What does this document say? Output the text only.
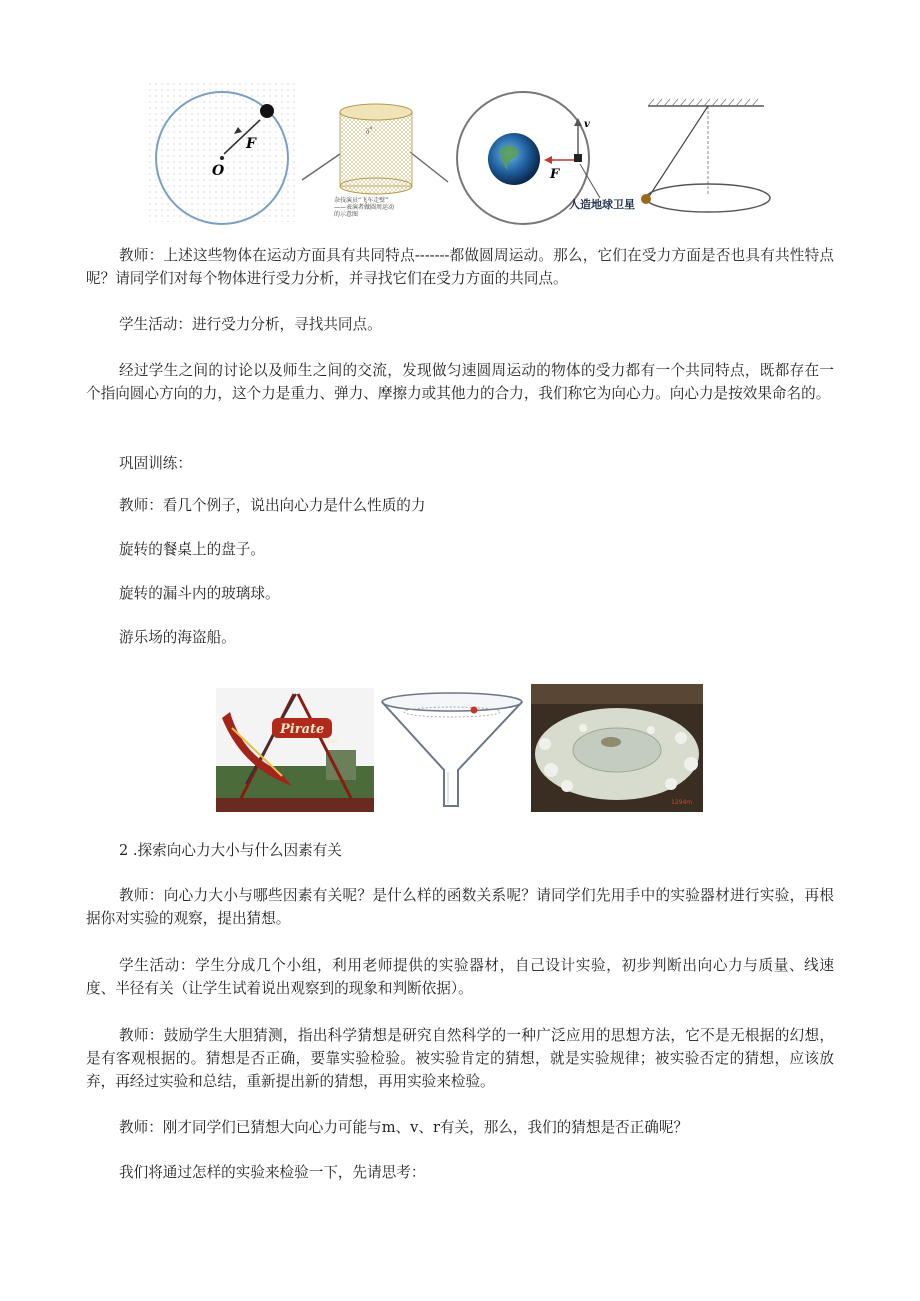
F
O
ᵹ°
杂技演员“飞车走壁”
——表演者做圆周运动
的示意图
v
F
人造地球卫星

教师：上述这些物体在运动方面具有共同特点-------都做圆周运动。那么，它们在受力方面是否也具有共性特点呢？请同学们对每个物体进行受力分析，并寻找它们在受力方面的共同点。

学生活动：进行受力分析，寻找共同点。

经过学生之间的讨论以及师生之间的交流，发现做匀速圆周运动的物体的受力都有一个共同特点，既都存在一个指向圆心方向的力，这个力是重力、弹力、摩擦力或其他力的合力，我们称它为向心力。向心力是按效果命名的。

巩固训练：

教师：看几个例子，说出向心力是什么性质的力

旋转的餐桌上的盘子。

旋转的漏斗内的玻璃球。

游乐场的海盗船。

Pirate
Ship
1294m

2 .探索向心力大小与什么因素有关

教师：向心力大小与哪些因素有关呢？是什么样的函数关系呢？请同学们先用手中的实验器材进行实验，再根据你对实验的观察，提出猜想。

学生活动：学生分成几个小组，利用老师提供的实验器材，自己设计实验，初步判断出向心力与质量、线速度、半径有关（让学生试着说出观察到的现象和判断依据）。

教师：鼓励学生大胆猜测，指出科学猜想是研究自然科学的一种广泛应用的思想方法，它不是无根据的幻想，是有客观根据的。猜想是否正确，要靠实验检验。被实验肯定的猜想，就是实验规律；被实验否定的猜想，应该放弃，再经过实验和总结，重新提出新的猜想，再用实验来检验。

教师：刚才同学们已猜想大向心力可能与m、v、r有关，那么，我们的猜想是否正确呢？

我们将通过怎样的实验来检验一下，先请思考：
